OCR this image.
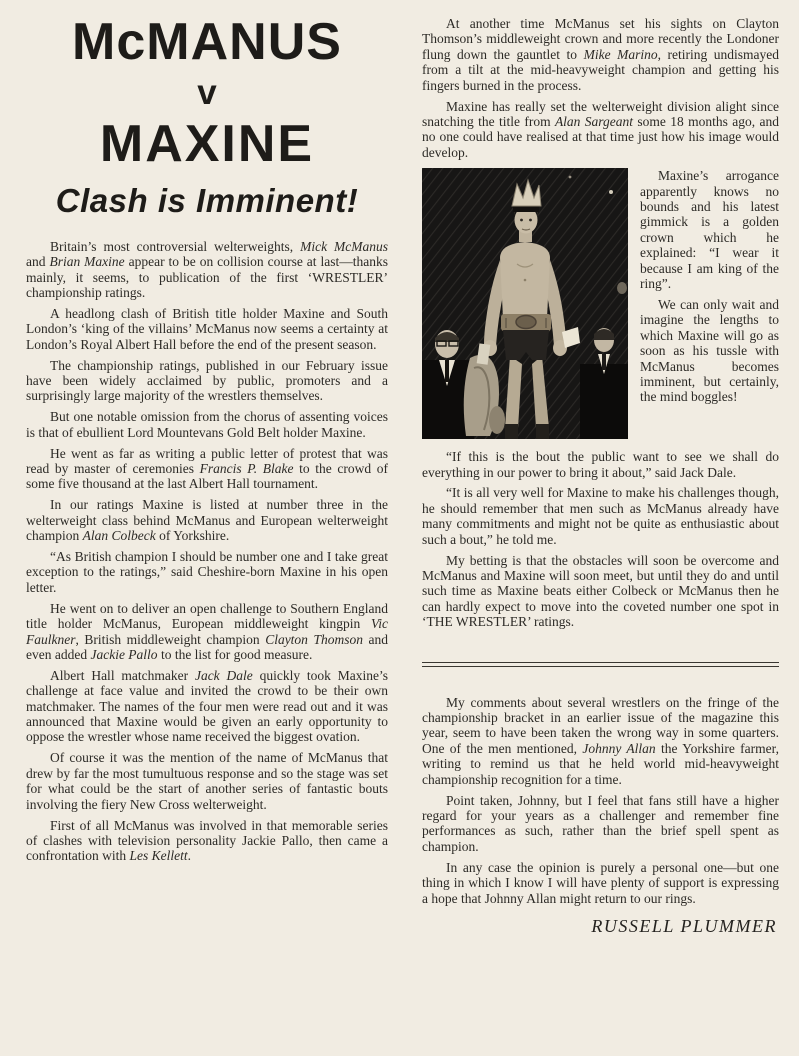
McMANUS
v
MAXINE
Clash is Imminent!

Britain’s most controversial welterweights, Mick McManus and Brian Maxine appear to be on collision course at last—thanks mainly, it seems, to publication of the first ‘WRESTLER’ championship ratings.

A headlong clash of British title holder Maxine and South London’s ‘king of the villains’ McManus now seems a certainty at London’s Royal Albert Hall before the end of the present season.

The championship ratings, published in our February issue have been widely acclaimed by public, promoters and a surprisingly large majority of the wrestlers themselves.

But one notable omission from the chorus of assenting voices is that of ebullient Lord Mountevans Gold Belt holder Maxine.

He went as far as writing a public letter of protest that was read by master of ceremonies Francis P. Blake to the crowd of some five thousand at the last Albert Hall tournament.

In our ratings Maxine is listed at number three in the welterweight class behind McManus and European welterweight champion Alan Colbeck of Yorkshire.

“As British champion I should be number one and I take great exception to the ratings,” said Cheshire-born Maxine in his open letter.

He went on to deliver an open challenge to Southern England title holder McManus, European middleweight kingpin Vic Faulkner, British middleweight champion Clayton Thomson and even added Jackie Pallo to the list for good measure.

Albert Hall matchmaker Jack Dale quickly took Maxine’s challenge at face value and invited the crowd to be their own matchmaker. The names of the four men were read out and it was announced that Maxine would be given an early opportunity to oppose the wrestler whose name received the biggest ovation.

Of course it was the mention of the name of McManus that drew by far the most tumultuous response and so the stage was set for what could be the start of another series of fantastic bouts involving the fiery New Cross welterweight.

First of all McManus was involved in that memorable series of clashes with television personality Jackie Pallo, then came a confrontation with Les Kellett.

At another time McManus set his sights on Clayton Thomson’s middleweight crown and more recently the Londoner flung down the gauntlet to Mike Marino, retiring undismayed from a tilt at the mid-heavyweight champion and getting his fingers burned in the process.

Maxine has really set the welterweight division alight since snatching the title from Alan Sargeant some 18 months ago, and no one could have realised at that time just how his image would develop.

Maxine’s arrogance apparently knows no bounds and his latest gimmick is a golden crown which he explained: “I wear it because I am king of the ring”.

We can only wait and imagine the lengths to which Maxine will go as soon as his tussle with McManus becomes imminent, but certainly, the mind boggles!

“If this is the bout the public want to see we shall do everything in our power to bring it about,” said Jack Dale.

“It is all very well for Maxine to make his challenges though, he should remember that men such as McManus already have many commitments and might not be quite as enthusiastic about such a bout,” he told me.

My betting is that the obstacles will soon be overcome and McManus and Maxine will soon meet, but until they do and until such time as Maxine beats either Colbeck or McManus then he can hardly expect to move into the coveted number one spot in ‘THE WRESTLER’ ratings.

My comments about several wrestlers on the fringe of the championship bracket in an earlier issue of the magazine this year, seem to have been taken the wrong way in some quarters. One of the men mentioned, Johnny Allan the Yorkshire farmer, writing to remind us that he held world mid-heavyweight championship recognition for a time.

Point taken, Johnny, but I feel that fans still have a higher regard for your years as a challenger and remember fine performances as such, rather than the brief spell spent as champion.

In any case the opinion is purely a personal one—but one thing in which I know I will have plenty of support is expressing a hope that Johnny Allan might return to our rings.

RUSSELL PLUMMER
